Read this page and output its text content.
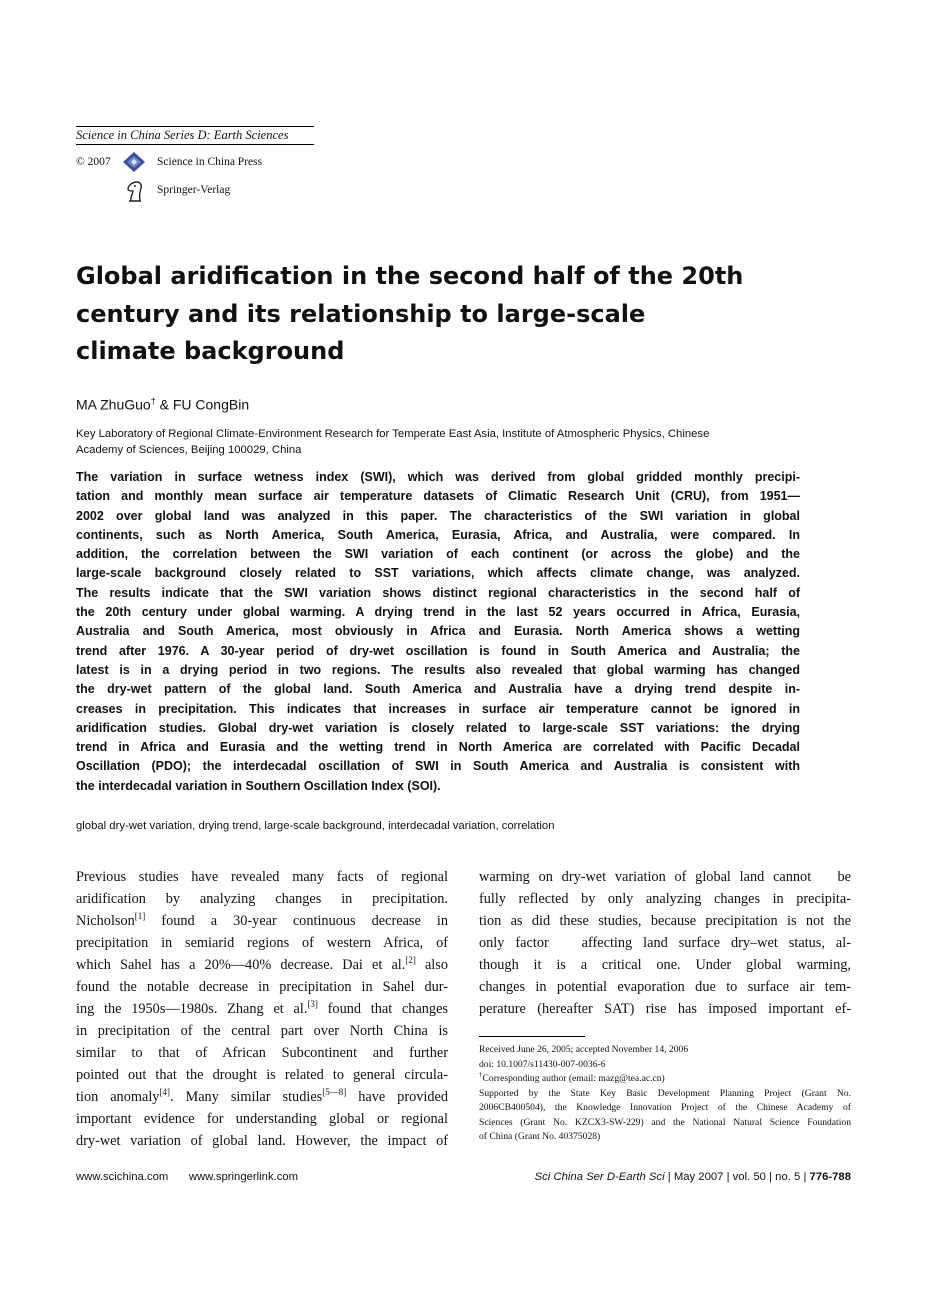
Science in China Series D: Earth Sciences
© 2007	Science in China Press
Springer-Verlag
Global aridification in the second half of the 20th
century and its relationship to large-scale
climate background
MA ZhuGuo† & FU CongBin
Key Laboratory of Regional Climate-Environment Research for Temperate East Asia, Institute of Atmospheric Physics, Chinese
Academy of Sciences, Beijing 100029, China
The variation in surface wetness index (SWI), which was derived from global gridded monthly precipi-
tation and monthly mean surface air temperature datasets of Climatic Research Unit (CRU), from 1951—
2002 over global land was analyzed in this paper. The characteristics of the SWI variation in global
continents, such as North America, South America, Eurasia, Africa, and Australia, were compared. In
addition, the correlation between the SWI variation of each continent (or across the globe) and the
large-scale background closely related to SST variations, which affects climate change, was analyzed.
The results indicate that the SWI variation shows distinct regional characteristics in the second half of
the 20th century under global warming. A drying trend in the last 52 years occurred in Africa, Eurasia,
Australia and South America, most obviously in Africa and Eurasia. North America shows a wetting
trend after 1976. A 30-year period of dry-wet oscillation is found in South America and Australia; the
latest is in a drying period in two regions. The results also revealed that global warming has changed
the dry-wet pattern of the global land. South America and Australia have a drying trend despite in-
creases in precipitation. This indicates that increases in surface air temperature cannot be ignored in
aridification studies. Global dry-wet variation is closely related to large-scale SST variations: the drying
trend in Africa and Eurasia and the wetting trend in North America are correlated with Pacific Decadal
Oscillation (PDO); the interdecadal oscillation of SWI in South America and Australia is consistent with
the interdecadal variation in Southern Oscillation Index (SOI).
global dry-wet variation, drying trend, large-scale background, interdecadal variation, correlation
Previous studies have revealed many facts of regional
aridification by analyzing changes in precipitation.
Nicholson[1] found a 30-year continuous decrease in
precipitation in semiarid regions of western Africa, of
which Sahel has a 20%—40% decrease. Dai et al.[2] also
found the notable decrease in precipitation in Sahel dur-
ing the 1950s—1980s. Zhang et al.[3] found that changes
in precipitation of the central part over North China is
similar to that of African Subcontinent and further
pointed out that the drought is related to general circula-
tion anomaly[4]. Many similar studies[5—8] have provided
important evidence for understanding global or regional
dry-wet variation of global land. However, the impact of
warming on dry-wet variation of global land cannot   be
fully reflected by only analyzing changes in precipita-
tion as did these studies, because precipitation is not the
only factor   affecting land surface dry–wet status, al-
though it is a critical one. Under global warming,
changes in potential evaporation due to surface air tem-
perature (hereafter SAT) rise has imposed important ef-
Received June 26, 2005; accepted November 14, 2006
doi: 10.1007/s11430-007-0036-6
†Corresponding author (email: mazg@tea.ac.cn)
Supported by the State Key Basic Development Planning Project (Grant No.
2006CB400504), the Knowledge Innovation Project of the Chinese Academy of
Sciences (Grant No. KZCX3-SW-229) and the National Natural Science Foundation
of China (Grant No. 40375028)
www.scichina.com    www.springerlink.com	Sci China Ser D-Earth Sci | May 2007 | vol. 50 | no. 5 | 776-788
